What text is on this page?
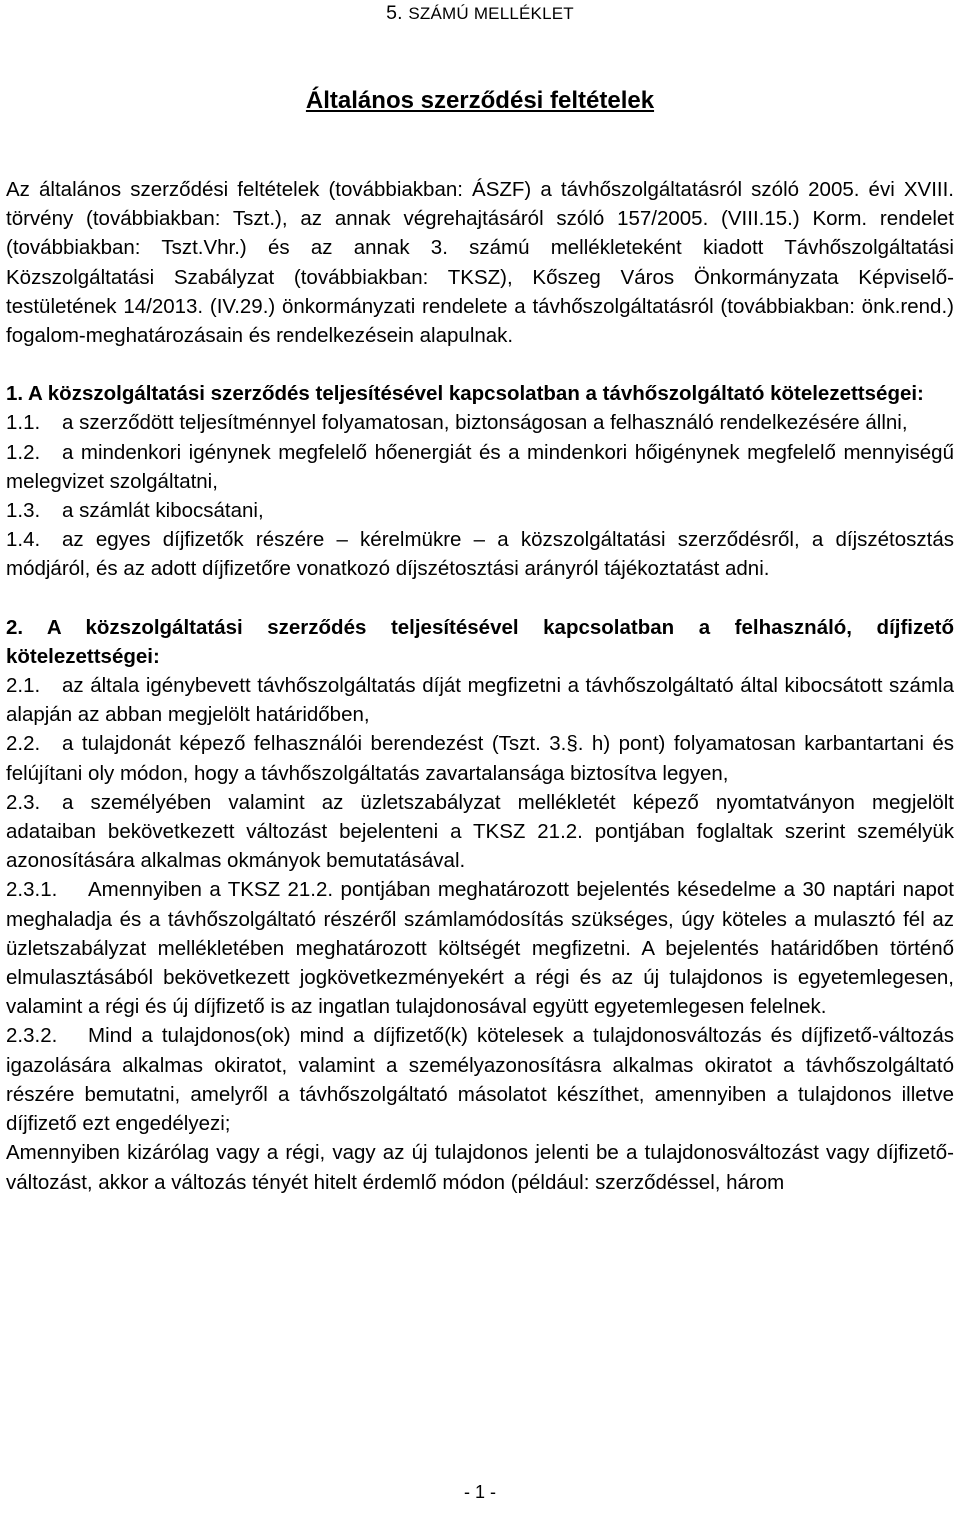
5. SZÁMÚ MELLÉKLET
Általános szerződési feltételek

Az általános szerződési feltételek (továbbiakban: ÁSZF) a távhőszolgáltatásról szóló 2005. évi XVIII. törvény (továbbiakban: Tszt.), az annak végrehajtásáról szóló 157/2005. (VIII.15.) Korm. rendelet (továbbiakban: Tszt.Vhr.) és az annak 3. számú mellékleteként kiadott Távhőszolgáltatási Közszolgáltatási Szabályzat (továbbiakban: TKSZ), Kőszeg Város Önkormányzata Képviselő-testületének 14/2013. (IV.29.) önkormányzati rendelete a távhőszolgáltatásról (továbbiakban: önk.rend.) fogalom-meghatározásain és rendelkezésein alapulnak.

1. A közszolgáltatási szerződés teljesítésével kapcsolatban a távhőszolgáltató kötelezettségei:

1.1. a szerződött teljesítménnyel folyamatosan, biztonságosan a felhasználó rendelkezésére állni,

1.2. a mindenkori igénynek megfelelő hőenergiát és a mindenkori hőigénynek megfelelő mennyiségű melegvizet szolgáltatni,

1.3. a számlát kibocsátani,

1.4. az egyes díjfizetők részére – kérelmükre – a közszolgáltatási szerződésről, a díjszétosztás módjáról, és az adott díjfizetőre vonatkozó díjszétosztási arányról tájékoztatást adni.

2. A közszolgáltatási szerződés teljesítésével kapcsolatban a felhasználó, díjfizető kötelezettségei:

2.1. az általa igénybevett távhőszolgáltatás díját megfizetni a távhőszolgáltató által kibocsátott számla alapján az abban megjelölt határidőben,

2.2. a tulajdonát képező felhasználói berendezést (Tszt. 3.§. h) pont) folyamatosan karbantartani és felújítani oly módon, hogy a távhőszolgáltatás zavartalansága biztosítva legyen,

2.3. a személyében valamint az üzletszabályzat mellékletét képező nyomtatványon megjelölt adataiban bekövetkezett változást bejelenteni a TKSZ 21.2. pontjában foglaltak szerint személyük azonosítására alkalmas okmányok bemutatásával.

2.3.1. Amennyiben a TKSZ 21.2. pontjában meghatározott bejelentés késedelme a 30 naptári napot meghaladja és a távhőszolgáltató részéről számlamódosítás szükséges, úgy köteles a mulasztó fél az üzletszabályzat mellékletében meghatározott költségét megfizetni. A bejelentés határidőben történő elmulasztásából bekövetkezett jogkövetkezményekért a régi és az új tulajdonos is egyetemlegesen, valamint a régi és új díjfizető is az ingatlan tulajdonosával együtt egyetemlegesen felelnek.

2.3.2. Mind a tulajdonos(ok) mind a díjfizető(k) kötelesek a tulajdonosváltozás és díjfizető-változás igazolására alkalmas okiratot, valamint a személyazonosításra alkalmas okiratot a távhőszolgáltató részére bemutatni, amelyről a távhőszolgáltató másolatot készíthet, amennyiben a tulajdonos illetve díjfizető ezt engedélyezi;

Amennyiben kizárólag vagy a régi, vagy az új tulajdonos jelenti be a tulajdonosváltozást vagy díjfizető-változást, akkor a változás tényét hitelt érdemlő módon (például: szerződéssel, három

- 1 -
